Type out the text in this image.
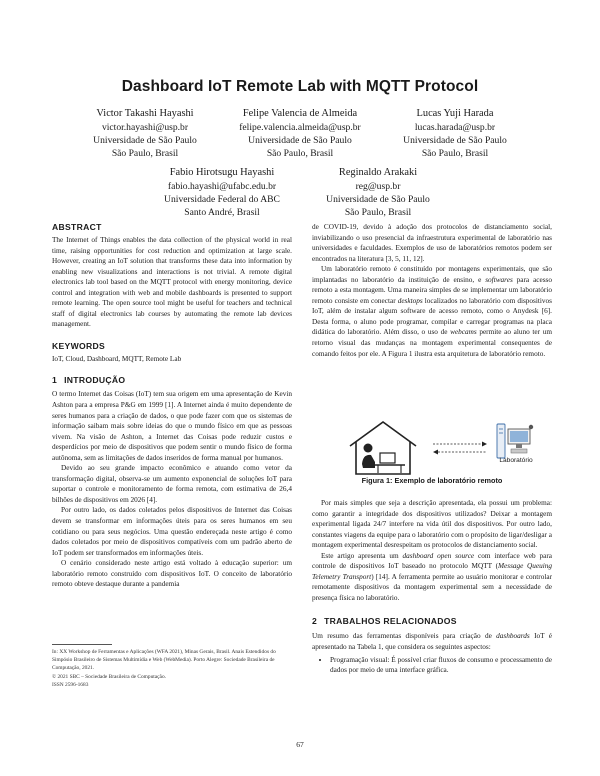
Dashboard IoT Remote Lab with MQTT Protocol
Victor Takashi Hayashi
victor.hayashi@usp.br
Universidade de São Paulo
São Paulo, Brasil
Felipe Valencia de Almeida
felipe.valencia.almeida@usp.br
Universidade de São Paulo
São Paulo, Brasil
Lucas Yuji Harada
lucas.harada@usp.br
Universidade de São Paulo
São Paulo, Brasil
Fabio Hirotsugu Hayashi
fabio.hayashi@ufabc.edu.br
Universidade Federal do ABC
Santo André, Brasil
Reginaldo Arakaki
reg@usp.br
Universidade de São Paulo
São Paulo, Brasil
ABSTRACT

The Internet of Things enables the data collection of the physical world in real time, raising opportunities for cost reduction and optimization at large scale. However, creating an IoT solution that transforms these data into information by enabling new visualizations and interactions is not trivial. A remote digital electronics lab tool based on the MQTT protocol with energy monitoring, device control and integration with web and mobile dashboards is presented to support remote learning. The open source tool might be useful for teachers and technical staff of digital electronics lab courses by automating the remote lab devices management.

KEYWORDS

IoT, Cloud, Dashboard, MQTT, Remote Lab

1 INTRODUÇÃO

O termo Internet das Coisas (IoT) tem sua origem em uma apresentação de Kevin Ashton para a empresa P&G em 1999 [1]. A Internet ainda é muito dependente de seres humanos para a criação de dados, o que pode fazer com que os sistemas de informação saibam mais sobre ideias do que o mundo físico em que as pessoas vivem. Na visão de Ashton, a Internet das Coisas pode reduzir custos e desperdícios por meio de dispositivos que podem sentir o mundo físico de forma autônoma, sem as limitações de dados inseridos de forma manual por humanos.

Devido ao seu grande impacto econômico e atuando como vetor da transformação digital, observa-se um aumento exponencial de soluções IoT para suportar o controle e monitoramento de forma remota, com estimativa de 26,4 bilhões de dispositivos em 2026 [4].

Por outro lado, os dados coletados pelos dispositivos de Internet das Coisas devem se transformar em informações úteis para os seres humanos em seu cotidiano ou para seus negócios. Uma questão endereçada neste artigo é como dados coletados por meio de dispositivos compatíveis com um padrão aberto de IoT podem ser transformados em informações úteis.

O cenário considerado neste artigo está voltado à educação superior: um laboratório remoto construído com dispositivos IoT. O conceito de laboratório remoto obteve destaque durante a pandemia

In: XX Workshop de Ferramentas e Aplicações (WFA 2021), Minas Gerais, Brasil. Anais Estendidos do Simpósio Brasileiro de Sistemas Multimídia e Web (WebMedia). Porto Alegre: Sociedade Brasileira de Computação, 2021.
© 2021 SBC – Sociedade Brasileira de Computação.
ISSN 2596-1683

de COVID-19, devido à adoção dos protocolos de distanciamento social, inviabilizando o uso presencial da infraestrutura experimental de laboratório nas universidades e faculdades. Exemplos de uso de laboratórios remotos podem ser encontrados na literatura [3, 5, 11, 12].

Um laboratório remoto é constituído por montagens experimentais, que são implantadas no laboratório da instituição de ensino, e softwares para acesso remoto a esta montagem. Uma maneira simples de se implementar um laboratório remoto consiste em conectar desktops localizados no laboratório com dispositivos IoT, além de instalar algum software de acesso remoto, como o Anydesk [6]. Desta forma, o aluno pode programar, compilar e carregar programas na placa didática do laboratório. Além disso, o uso de webcams permite ao aluno ter um retorno visual das mudanças na montagem experimental consequentes de comando feitos por ele. A Figura 1 ilustra esta arquitetura de laboratório remoto.

Laboratório
Figura 1: Exemplo de laboratório remoto

Por mais simples que seja a descrição apresentada, ela possui um problema: como garantir a integridade dos dispositivos utilizados? Deixar a montagem experimental ligada 24/7 interfere na vida útil dos dispositivos. Por outro lado, constantes viagens da equipe para o laboratório com o propósito de ligar/desligar a montagem experimental desrespeitam os protocolos de distanciamento social.

Este artigo apresenta um dashboard open source com interface web para controle de dispositivos IoT baseado no protocolo MQTT (Message Queuing Telemetry Transport) [14]. A ferramenta permite ao usuário monitorar e controlar remotamente dispositivos da montagem experimental sem a necessidade de presença física no laboratório.

2 TRABALHOS RELACIONADOS

Um resumo das ferramentas disponíveis para criação de dashboards IoT é apresentado na Tabela 1, que considera os seguintes aspectos:

• Programação visual: É possível criar fluxos de consumo e processamento de dados por meio de uma interface gráfica.
67
